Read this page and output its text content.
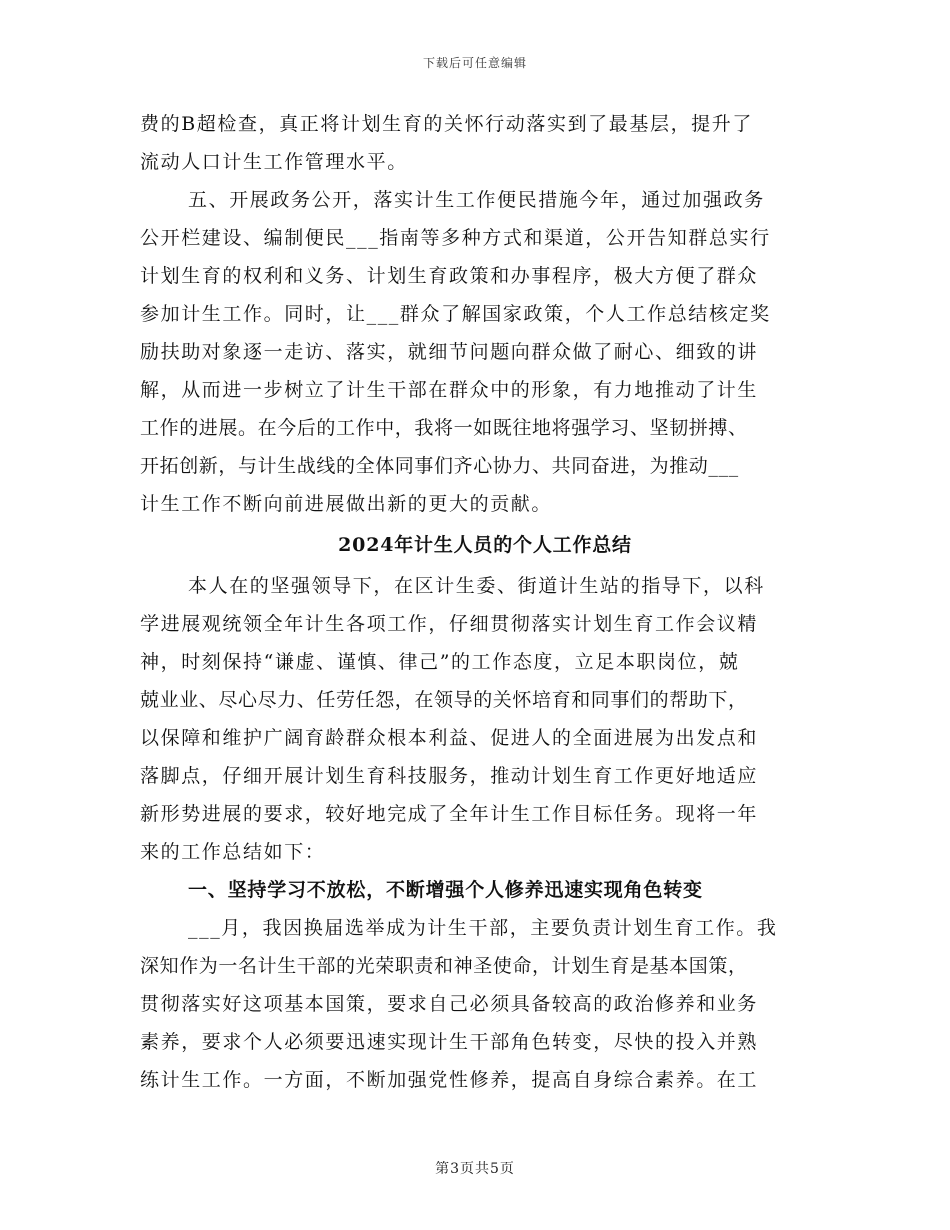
下载后可任意编辑
费的B超检查，真正将计划生育的关怀行动落实到了最基层，提升了
流动人口计生工作管理水平。
五、开展政务公开，落实计生工作便民措施今年，通过加强政务
公开栏建设、编制便民___指南等多种方式和渠道，公开告知群总实行
计划生育的权利和义务、计划生育政策和办事程序，极大方便了群众
参加计生工作。同时，让___群众了解国家政策，个人工作总结核定奖
励扶助对象逐一走访、落实，就细节问题向群众做了耐心、细致的讲
解，从而进一步树立了计生干部在群众中的形象，有力地推动了计生
工作的进展。在今后的工作中，我将一如既往地将强学习、坚韧拼搏、
开拓创新，与计生战线的全体同事们齐心协力、共同奋进，为推动___
计生工作不断向前进展做出新的更大的贡献。
2024年计生人员的个人工作总结
本人在的坚强领导下，在区计生委、街道计生站的指导下，以科
学进展观统领全年计生各项工作，仔细贯彻落实计划生育工作会议精
神，时刻保持“谦虚、谨慎、律己”的工作态度，立足本职岗位，兢
兢业业、尽心尽力、任劳任怨，在领导的关怀培育和同事们的帮助下，
以保障和维护广阔育龄群众根本利益、促进人的全面进展为出发点和
落脚点，仔细开展计划生育科技服务，推动计划生育工作更好地适应
新形势进展的要求，较好地完成了全年计生工作目标任务。现将一年
来的工作总结如下：
一、坚持学习不放松，不断增强个人修养迅速实现角色转变
___月，我因换届选举成为计生干部，主要负责计划生育工作。我
深知作为一名计生干部的光荣职责和神圣使命，计划生育是基本国策，
贯彻落实好这项基本国策，要求自己必须具备较高的政治修养和业务
素养，要求个人必须要迅速实现计生干部角色转变，尽快的投入并熟
练计生工作。一方面，不断加强党性修养，提高自身综合素养。在工
第3页共5页
